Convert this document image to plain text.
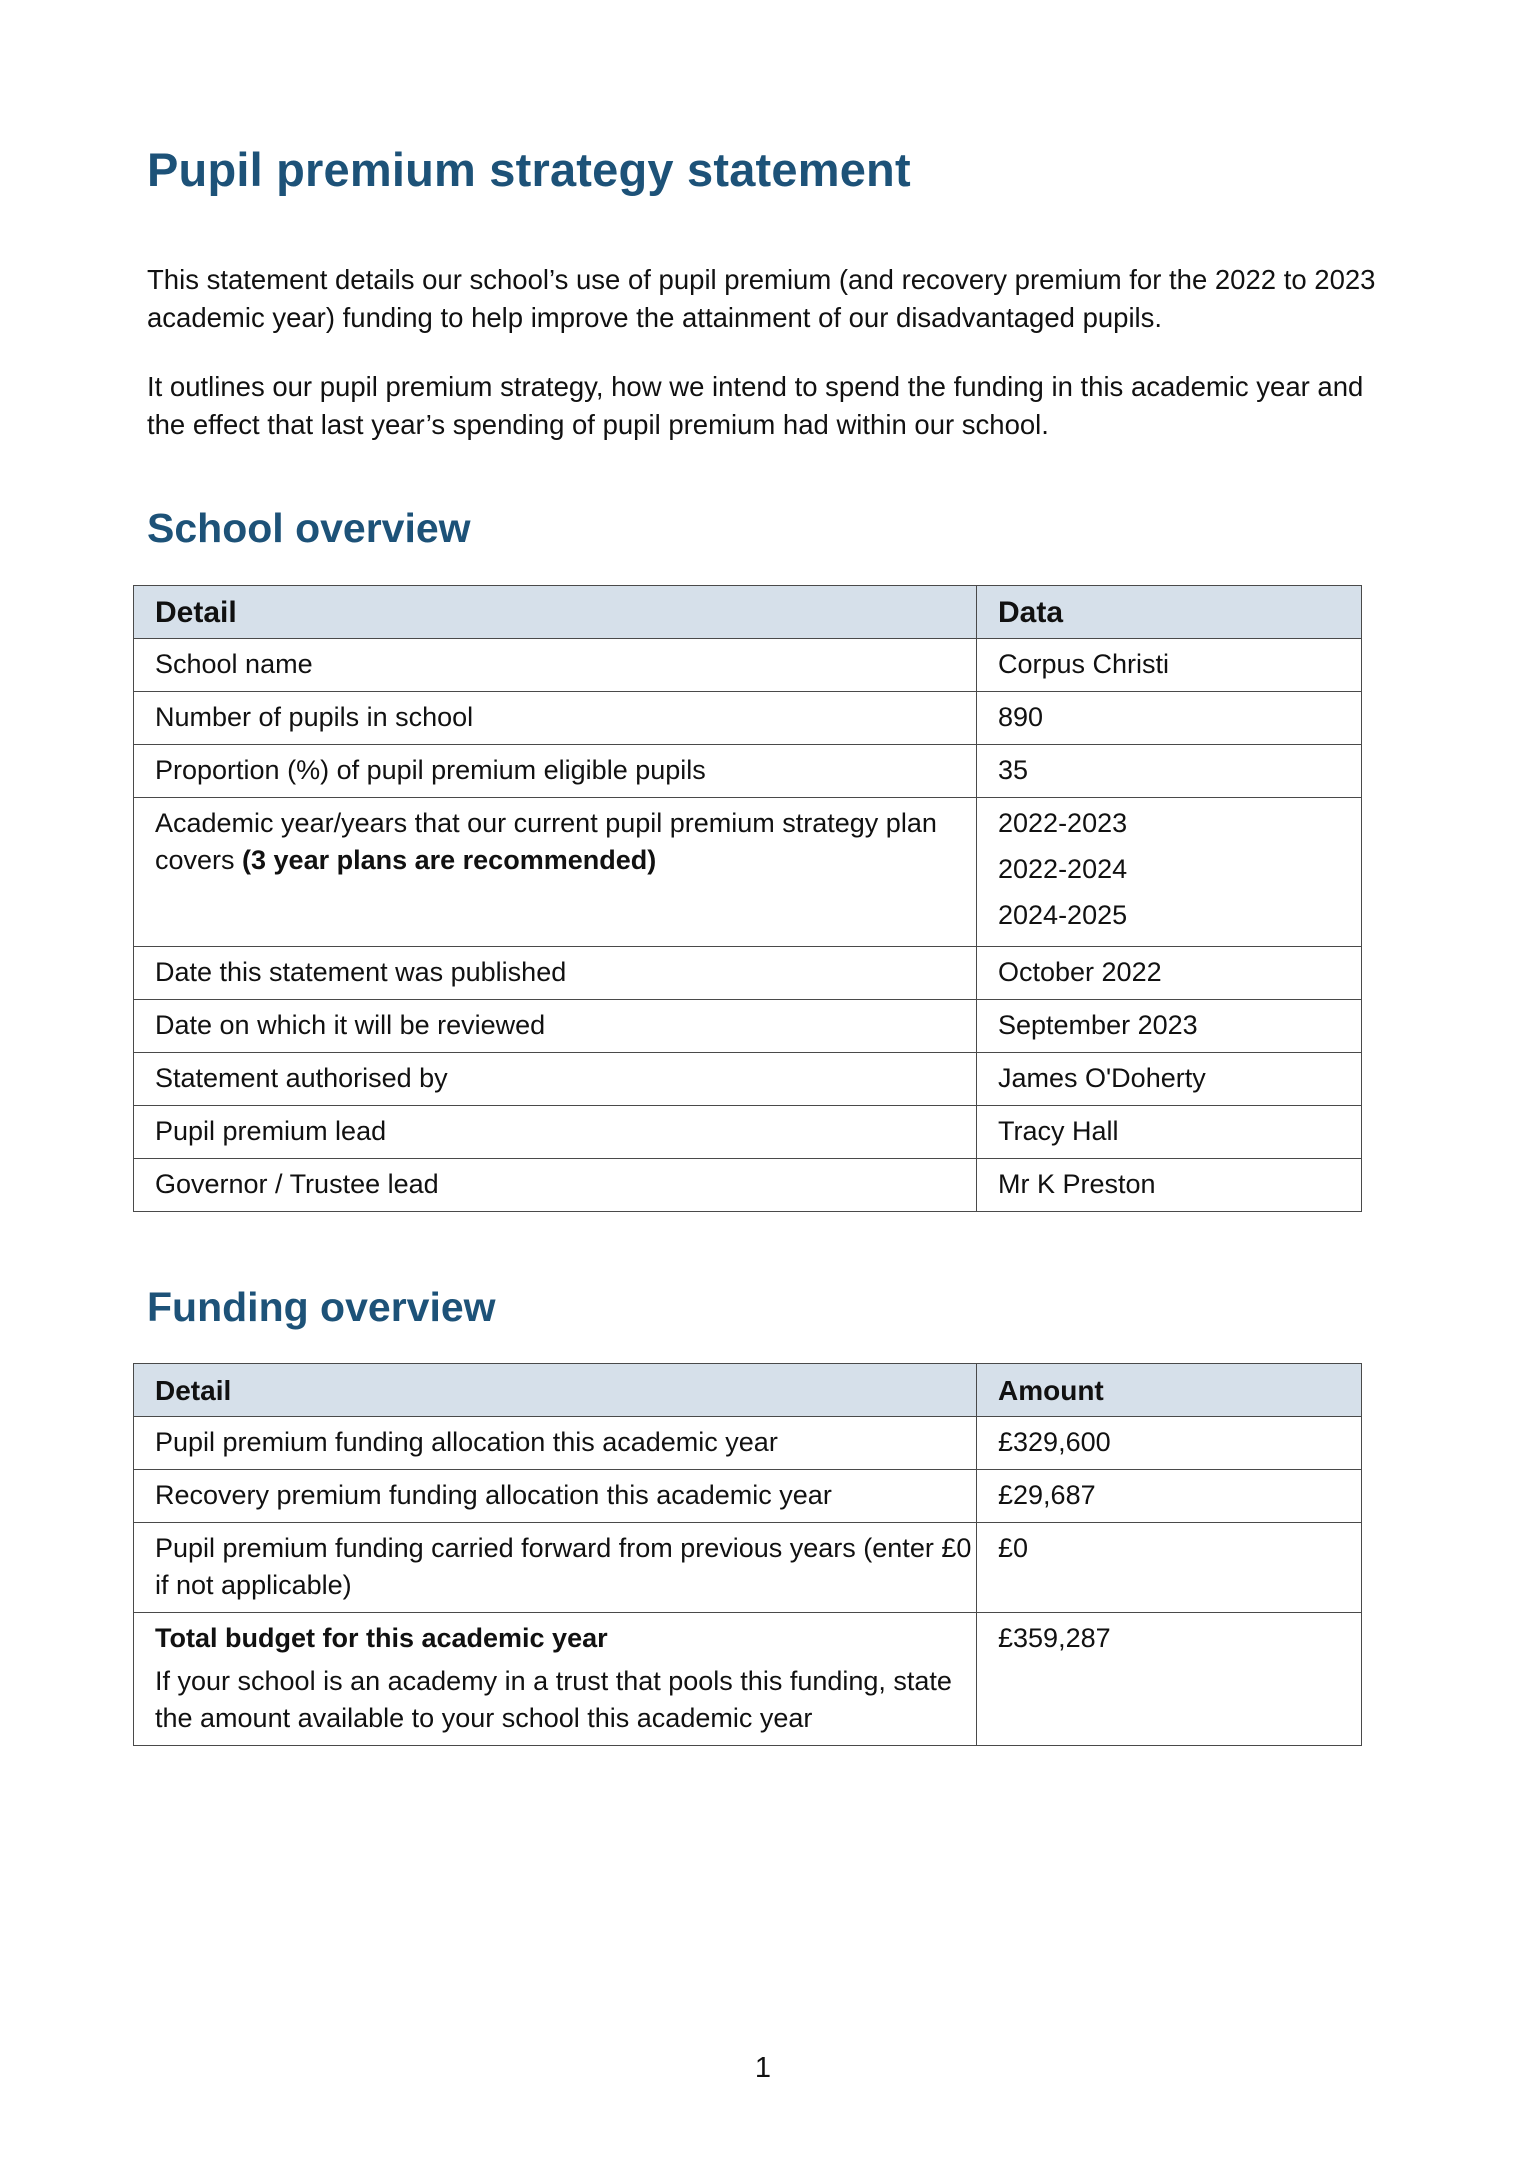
Pupil premium strategy statement

This statement details our school’s use of pupil premium (and recovery premium for the 2022 to 2023 academic year) funding to help improve the attainment of our disadvantaged pupils.

It outlines our pupil premium strategy, how we intend to spend the funding in this academic year and the effect that last year’s spending of pupil premium had within our school.

School overview
Detail	Data
School name	Corpus Christi
Number of pupils in school	890
Proportion (%) of pupil premium eligible pupils	35
Academic year/years that our current pupil premium strategy plan covers (3 year plans are recommended)	2022-2023
2022-2024
2024-2025

Date this statement was published	October 2022
Date on which it will be reviewed	September 2023
Statement authorised by	James O'Doherty
Pupil premium lead	Tracy Hall
Governor / Trustee lead	Mr K Preston
Funding overview
Detail	Amount
Pupil premium funding allocation this academic year	£329,600
Recovery premium funding allocation this academic year	£29,687
Pupil premium funding carried forward from previous years (enter £0 if not applicable)	£0
Total budget for this academic year
If your school is an academy in a trust that pools this funding, state the amount available to your school this academic year	£359,287
1
